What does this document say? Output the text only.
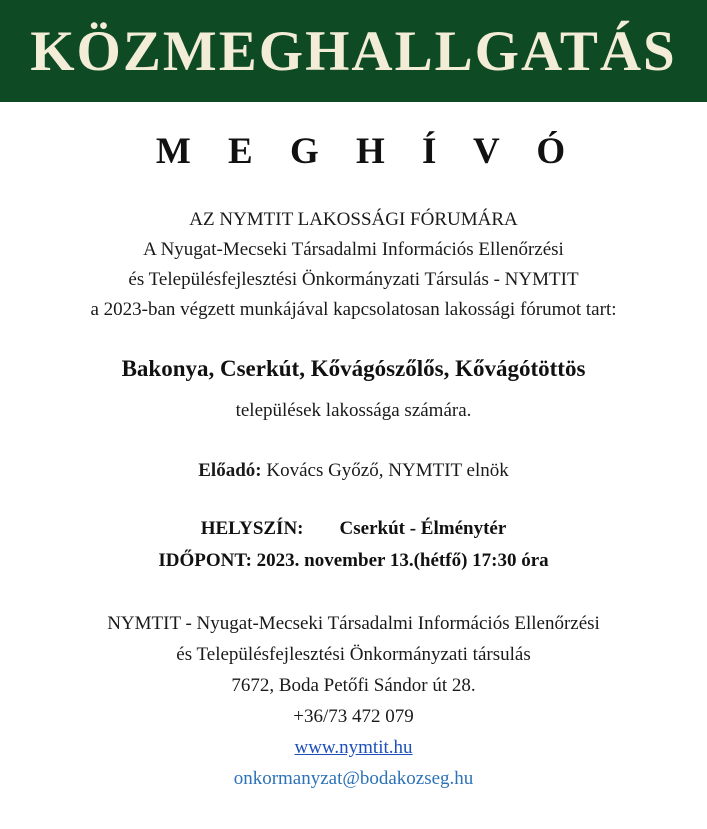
KÖZMEGHALLGATÁS
M E G H Í V Ó
AZ NYMTIT LAKOSSÁGI FÓRUMÁRA
A Nyugat-Mecseki Társadalmi Információs Ellenőrzési
és Településfejlesztési Önkormányzati Társulás - NYMTIT
a 2023-ban végzett munkájával kapcsolatosan lakossági fórumot tart:
Bakonya, Cserkút, Kővágószőlős, Kővágótöttös
települések lakossága számára.
Előadó: Kovács Győző, NYMTIT elnök
HELYSZÍN: Cserkút - Élménytér
IDŐPONT: 2023. november 13.(hétfő) 17:30 óra
NYMTIT - Nyugat-Mecseki Társadalmi Információs Ellenőrzési
és Településfejlesztési Önkormányzati társulás
7672, Boda Petőfi Sándor út 28.
+36/73 472 079
www.nymtit.hu
onkormanyzat@bodakozseg.hu
